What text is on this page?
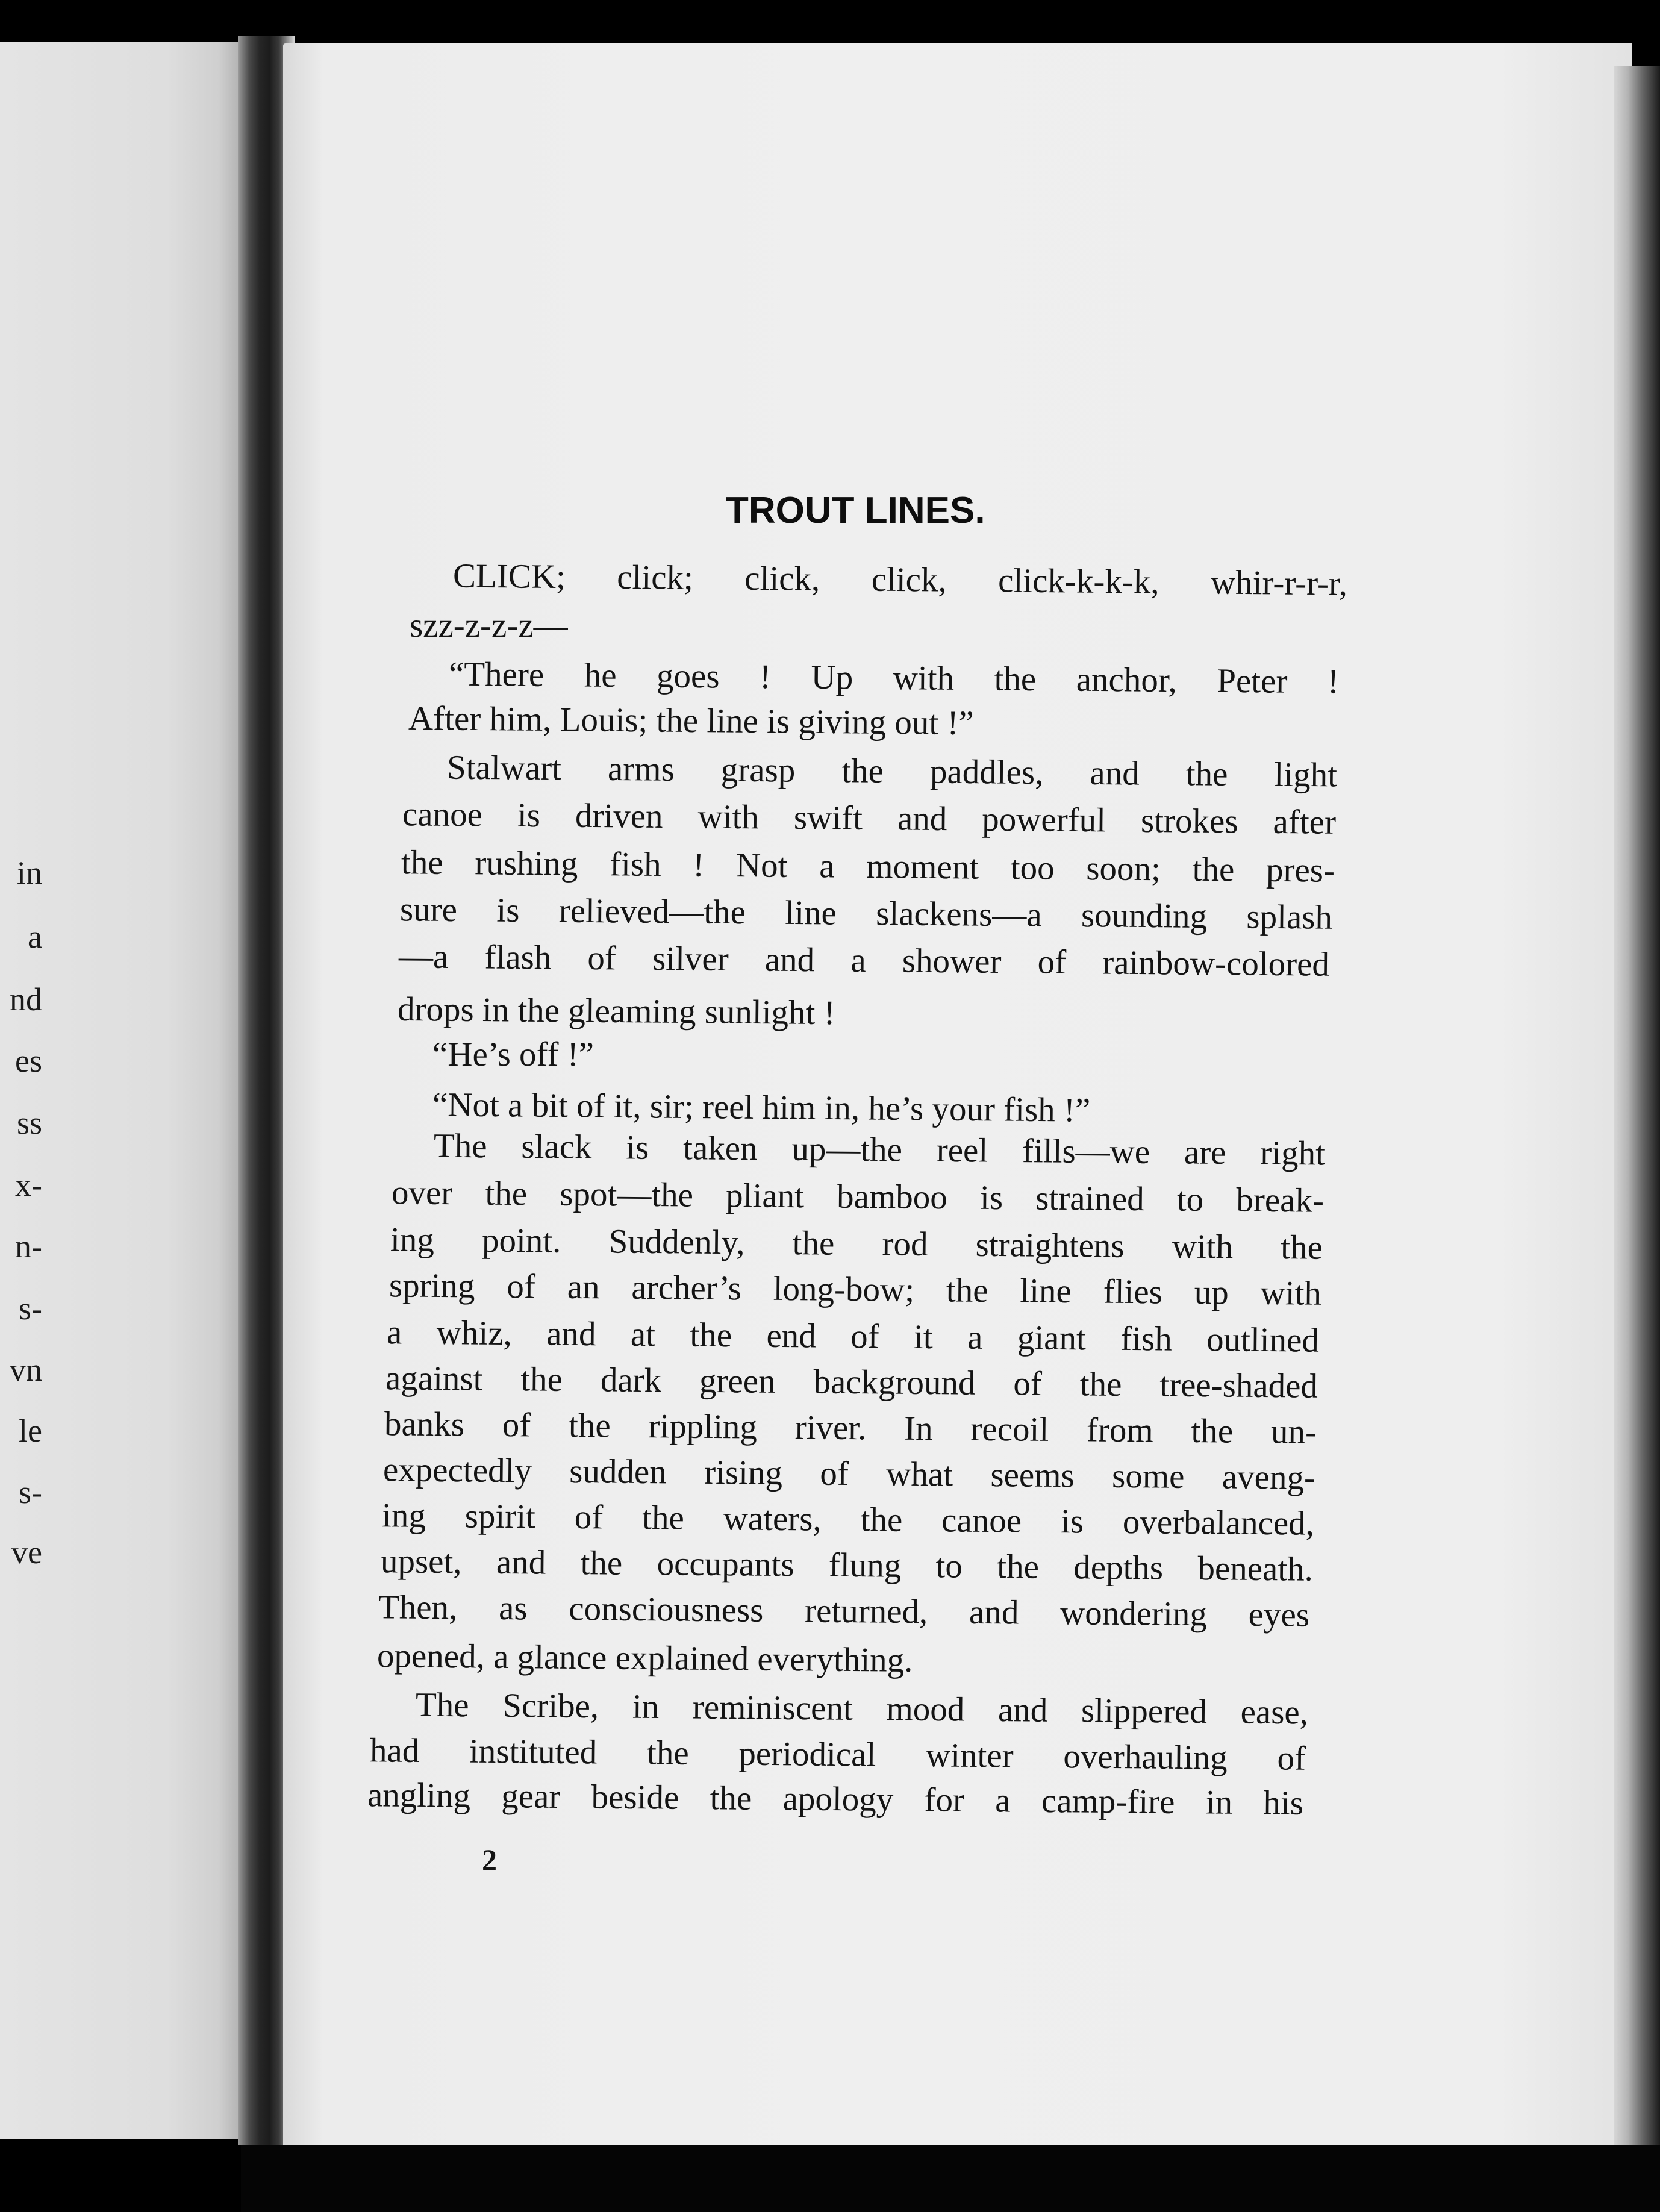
in
a
nd
es
ss
x-
n-
s-
vn
le
s-
ve
TROUT LINES.
CLICK; click; click, click, click-k-k-k, whir-r-r-r,
szz-z-z-z—
“There he goes ! Up with the anchor, Peter !
After him, Louis; the line is giving out !”
Stalwart arms grasp the paddles, and the light
canoe is driven with swift and powerful strokes after
the rushing fish ! Not a moment too soon; the pres-
sure is relieved—the line slackens—a sounding splash
—a flash of silver and a shower of rainbow-colored
drops in the gleaming sunlight !
“He’s off !”
“Not a bit of it, sir; reel him in, he’s your fish !”
The slack is taken up—the reel fills—we are right
over the spot—the pliant bamboo is strained to break-
ing point. Suddenly, the rod straightens with the
spring of an archer’s long-bow; the line flies up with
a whiz, and at the end of it a giant fish outlined
against the dark green background of the tree-shaded
banks of the rippling river. In recoil from the un-
expectedly sudden rising of what seems some aveng-
ing spirit of the waters, the canoe is overbalanced,
upset, and the occupants flung to the depths beneath.
Then, as consciousness returned, and wondering eyes
opened, a glance explained everything.
The Scribe, in reminiscent mood and slippered ease,
had instituted the periodical winter overhauling of
angling gear beside the apology for a camp-fire in his
2
